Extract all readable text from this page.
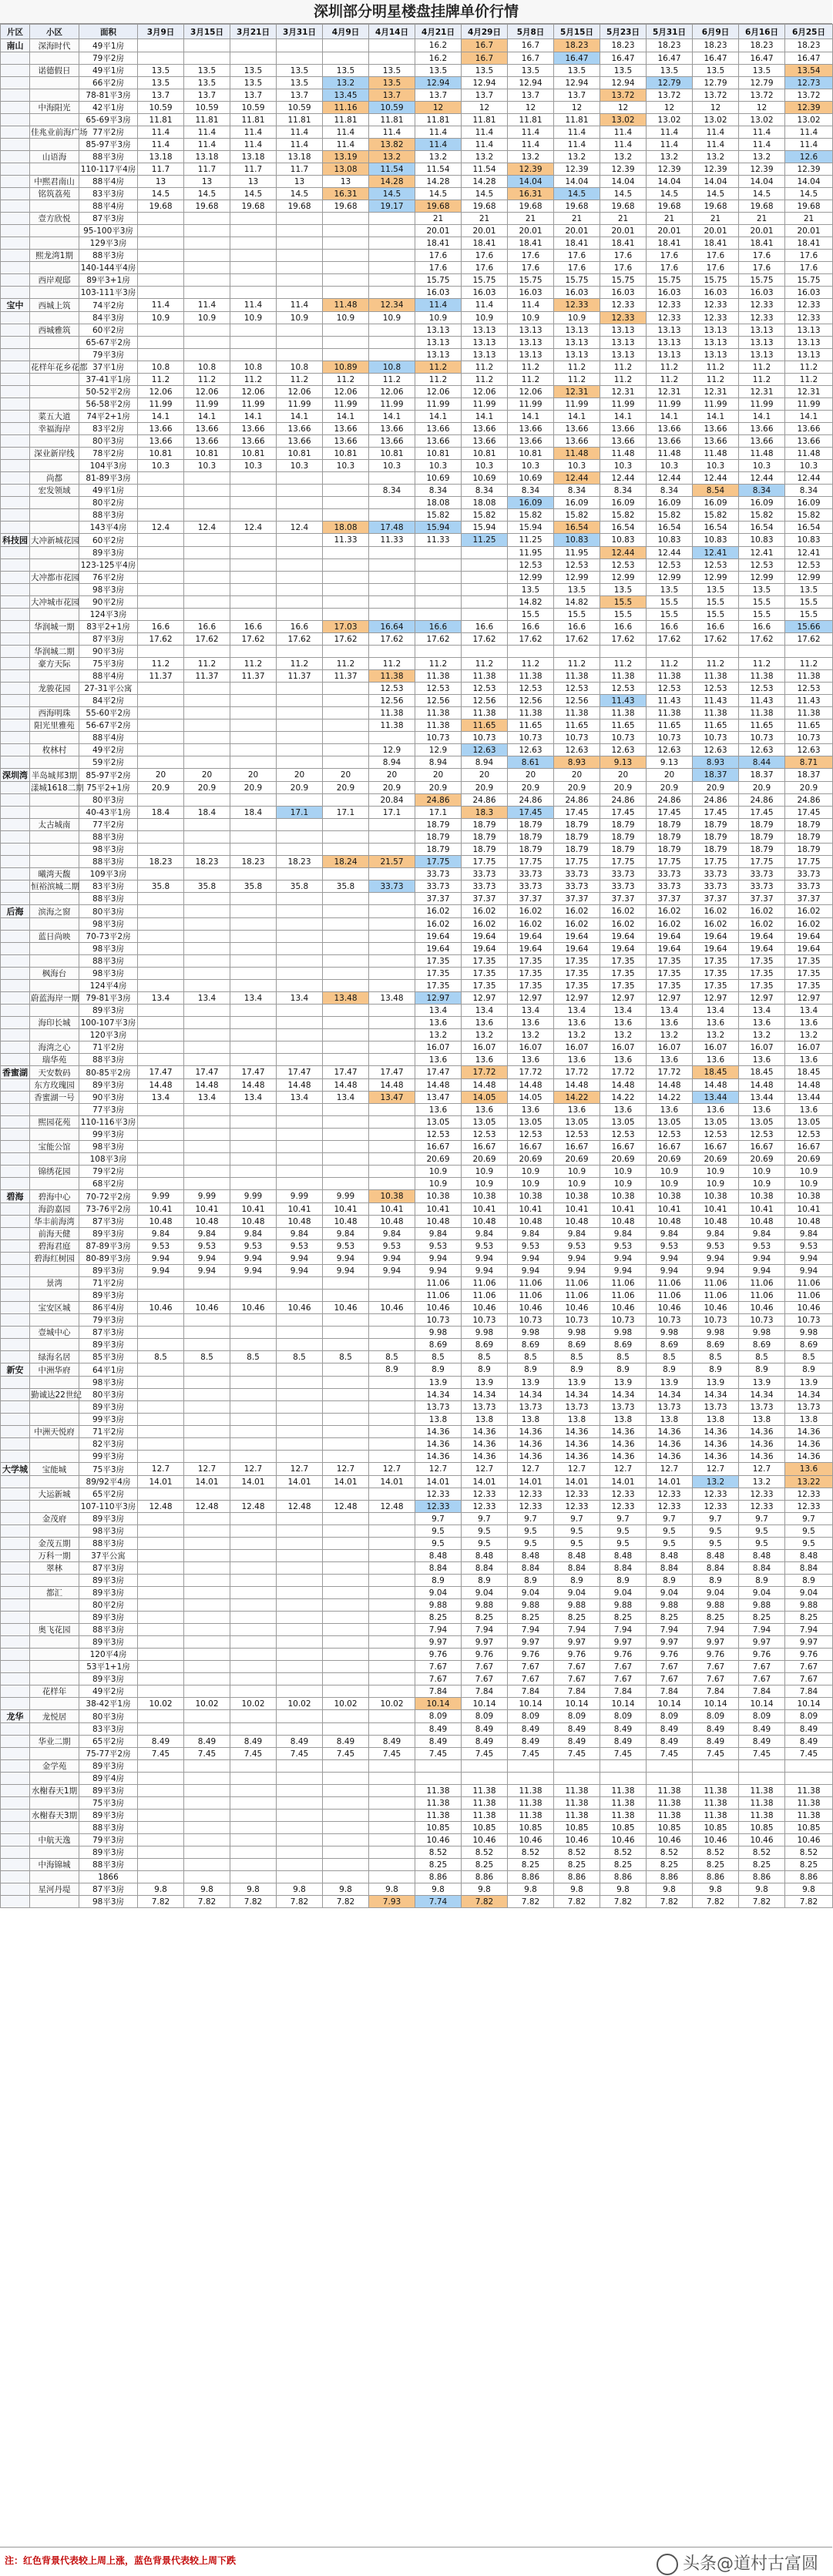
深圳部分明星楼盘挂牌单价行情
片区	小区	面积	3月9日	3月15日	3月21日	3月31日	4月9日	4月14日	4月21日	4月29日	5月8日	5月15日	5月23日	5月31日	6月9日	6月16日	6月25日
南山	深海时代	49平1房							16.2	16.7	16.7	18.23	18.23	18.23	18.23	18.23	18.23
		79平2房							16.2	16.7	16.7	16.47	16.47	16.47	16.47	16.47	16.47
	诺德假日	49平1房	13.5	13.5	13.5	13.5	13.5	13.5	13.5	13.5	13.5	13.5	13.5	13.5	13.5	13.5	13.54
		66平2房	13.5	13.5	13.5	13.5	13.2	13.5	12.94	12.94	12.94	12.94	12.94	12.79	12.79	12.79	12.73
		78-81平3房	13.7	13.7	13.7	13.7	13.45	13.7	13.7	13.7	13.7	13.7	13.72	13.72	13.72	13.72	13.72
	中海阳光	42平1房	10.59	10.59	10.59	10.59	11.16	10.59	12	12	12	12	12	12	12	12	12.39
		65-69平3房	11.81	11.81	11.81	11.81	11.81	11.81	11.81	11.81	11.81	11.81	13.02	13.02	13.02	13.02	13.02
	佳兆业前海广场	77平2房	11.4	11.4	11.4	11.4	11.4	11.4	11.4	11.4	11.4	11.4	11.4	11.4	11.4	11.4	11.4
		85-97平3房	11.4	11.4	11.4	11.4	11.4	13.82	11.4	11.4	11.4	11.4	11.4	11.4	11.4	11.4	11.4
	山语海	88平3房	13.18	13.18	13.18	13.18	13.19	13.2	13.2	13.2	13.2	13.2	13.2	13.2	13.2	13.2	12.6
		110-117平4房	11.7	11.7	11.7	11.7	13.08	11.54	11.54	11.54	12.39	12.39	12.39	12.39	12.39	12.39	12.39
	中熙君南山	88平4房	13	13	13	13	13	14.28	14.28	14.28	14.04	14.04	14.04	14.04	14.04	14.04	14.04
	铭筑荔苑	83平3房	14.5	14.5	14.5	14.5	16.31	14.5	14.5	14.5	16.31	14.5	14.5	14.5	14.5	14.5	14.5
		88平4房	19.68	19.68	19.68	19.68	19.68	19.17	19.68	19.68	19.68	19.68	19.68	19.68	19.68	19.68	19.68
	壹方欣悦	87平3房							21	21	21	21	21	21	21	21	21
		95-100平3房							20.01	20.01	20.01	20.01	20.01	20.01	20.01	20.01	20.01
		129平3房							18.41	18.41	18.41	18.41	18.41	18.41	18.41	18.41	18.41
	熙龙湾1期	88平3房							17.6	17.6	17.6	17.6	17.6	17.6	17.6	17.6	17.6
		140-144平4房							17.6	17.6	17.6	17.6	17.6	17.6	17.6	17.6	17.6
	西岸观邸	89平3+1房							15.75	15.75	15.75	15.75	15.75	15.75	15.75	15.75	15.75
		103-111平3房							16.03	16.03	16.03	16.03	16.03	16.03	16.03	16.03	16.03
宝中	西城上筑	74平2房	11.4	11.4	11.4	11.4	11.48	12.34	11.4	11.4	11.4	12.33	12.33	12.33	12.33	12.33	12.33
		84平3房	10.9	10.9	10.9	10.9	10.9	10.9	10.9	10.9	10.9	10.9	12.33	12.33	12.33	12.33	12.33
	西城雅筑	60平2房							13.13	13.13	13.13	13.13	13.13	13.13	13.13	13.13	13.13
		65-67平2房							13.13	13.13	13.13	13.13	13.13	13.13	13.13	13.13	13.13
		79平3房							13.13	13.13	13.13	13.13	13.13	13.13	13.13	13.13	13.13
	花样年花乡花都	37平1房	10.8	10.8	10.8	10.8	10.89	10.8	11.2	11.2	11.2	11.2	11.2	11.2	11.2	11.2	11.2
		37-41平1房	11.2	11.2	11.2	11.2	11.2	11.2	11.2	11.2	11.2	11.2	11.2	11.2	11.2	11.2	11.2
		50-52平2房	12.06	12.06	12.06	12.06	12.06	12.06	12.06	12.06	12.06	12.31	12.31	12.31	12.31	12.31	12.31
		56-58平2房	11.99	11.99	11.99	11.99	11.99	11.99	11.99	11.99	11.99	11.99	11.99	11.99	11.99	11.99	11.99
	菜五大道	74平2+1房	14.1	14.1	14.1	14.1	14.1	14.1	14.1	14.1	14.1	14.1	14.1	14.1	14.1	14.1	14.1
	幸福海岸	83平2房	13.66	13.66	13.66	13.66	13.66	13.66	13.66	13.66	13.66	13.66	13.66	13.66	13.66	13.66	13.66
		80平3房	13.66	13.66	13.66	13.66	13.66	13.66	13.66	13.66	13.66	13.66	13.66	13.66	13.66	13.66	13.66
	深业新岸线	78平2房	10.81	10.81	10.81	10.81	10.81	10.81	10.81	10.81	10.81	11.48	11.48	11.48	11.48	11.48	11.48
		104平3房	10.3	10.3	10.3	10.3	10.3	10.3	10.3	10.3	10.3	10.3	10.3	10.3	10.3	10.3	10.3
	尚都	81-89平3房							10.69	10.69	10.69	12.44	12.44	12.44	12.44	12.44	12.44
	宏发领域	49平1房						8.34	8.34	8.34	8.34	8.34	8.34	8.34	8.54	8.34	8.34
		80平2房							18.08	18.08	16.09	16.09	16.09	16.09	16.09	16.09	16.09
		88平3房							15.82	15.82	15.82	15.82	15.82	15.82	15.82	15.82	15.82
		143平4房	12.4	12.4	12.4	12.4	18.08	17.48	15.94	15.94	15.94	16.54	16.54	16.54	16.54	16.54	16.54
科技园	大冲新城花园	60平2房					11.33	11.33	11.33	11.25	11.25	10.83	10.83	10.83	10.83	10.83	10.83
		89平3房									11.95	11.95	12.44	12.44	12.41	12.41	12.41
		123-125平4房									12.53	12.53	12.53	12.53	12.53	12.53	12.53
	大冲都市花园	76平2房									12.99	12.99	12.99	12.99	12.99	12.99	12.99
		98平3房									13.5	13.5	13.5	13.5	13.5	13.5	13.5
	大冲城市花园	90平2房									14.82	14.82	15.5	15.5	15.5	15.5	15.5
		124平3房									15.5	15.5	15.5	15.5	15.5	15.5	15.5
	华润城一期	83平2+1房	16.6	16.6	16.6	16.6	17.03	16.64	16.6	16.6	16.6	16.6	16.6	16.6	16.6	16.6	15.66
		87平3房	17.62	17.62	17.62	17.62	17.62	17.62	17.62	17.62	17.62	17.62	17.62	17.62	17.62	17.62	17.62
	华润城二期	90平3房															
	豪方天际	75平3房	11.2	11.2	11.2	11.2	11.2	11.2	11.2	11.2	11.2	11.2	11.2	11.2	11.2	11.2	11.2
		88平4房	11.37	11.37	11.37	11.37	11.37	11.38	11.38	11.38	11.38	11.38	11.38	11.38	11.38	11.38	11.38
	龙骏花园	27-31平公寓						12.53	12.53	12.53	12.53	12.53	12.53	12.53	12.53	12.53	12.53
		84平2房						12.56	12.56	12.56	12.56	12.56	11.43	11.43	11.43	11.43	11.43
	西海明珠	55-60平2房						11.38	11.38	11.38	11.38	11.38	11.38	11.38	11.38	11.38	11.38
	阳光里雅苑	56-67平2房						11.38	11.38	11.65	11.65	11.65	11.65	11.65	11.65	11.65	11.65
		88平4房							10.73	10.73	10.73	10.73	10.73	10.73	10.73	10.73	10.73
	枚林村	49平2房						12.9	12.9	12.63	12.63	12.63	12.63	12.63	12.63	12.63	12.63
		59平2房						8.94	8.94	8.94	8.61	8.93	9.13	9.13	8.93	8.44	8.71
深圳湾	半岛城邦3期	85-97平2房	20	20	20	20	20	20	20	20	20	20	20	20	18.37	18.37	18.37
	漾城1618二期	75平2+1房	20.9	20.9	20.9	20.9	20.9	20.9	20.9	20.9	20.9	20.9	20.9	20.9	20.9	20.9	20.9
		80平3房						20.84	24.86	24.86	24.86	24.86	24.86	24.86	24.86	24.86	24.86
		40-43平1房	18.4	18.4	18.4	17.1	17.1	17.1	17.1	18.3	17.45	17.45	17.45	17.45	17.45	17.45	17.45
	太古城南	77平2房							18.79	18.79	18.79	18.79	18.79	18.79	18.79	18.79	18.79
		88平3房							18.79	18.79	18.79	18.79	18.79	18.79	18.79	18.79	18.79
		98平3房							18.79	18.79	18.79	18.79	18.79	18.79	18.79	18.79	18.79
		88平3房	18.23	18.23	18.23	18.23	18.24	21.57	17.75	17.75	17.75	17.75	17.75	17.75	17.75	17.75	17.75
	曦湾天馥	109平3房							33.73	33.73	33.73	33.73	33.73	33.73	33.73	33.73	33.73
	恒裕滨城二期	83平3房	35.8	35.8	35.8	35.8	35.8	33.73	33.73	33.73	33.73	33.73	33.73	33.73	33.73	33.73	33.73
		88平3房							37.37	37.37	37.37	37.37	37.37	37.37	37.37	37.37	37.37
后海	滨海之窗	80平3房							16.02	16.02	16.02	16.02	16.02	16.02	16.02	16.02	16.02
		98平3房							16.02	16.02	16.02	16.02	16.02	16.02	16.02	16.02	16.02
	蓝日尚映	70-73平2房							19.64	19.64	19.64	19.64	19.64	19.64	19.64	19.64	19.64
		98平3房							19.64	19.64	19.64	19.64	19.64	19.64	19.64	19.64	19.64
		88平3房							17.35	17.35	17.35	17.35	17.35	17.35	17.35	17.35	17.35
	枫海台	98平3房							17.35	17.35	17.35	17.35	17.35	17.35	17.35	17.35	17.35
		124平4房							17.35	17.35	17.35	17.35	17.35	17.35	17.35	17.35	17.35
	蔚蓝海岸一期	79-81平3房	13.4	13.4	13.4	13.4	13.48	13.48	12.97	12.97	12.97	12.97	12.97	12.97	12.97	12.97	12.97
		89平3房							13.4	13.4	13.4	13.4	13.4	13.4	13.4	13.4	13.4
	海印长城	100-107平3房							13.6	13.6	13.6	13.6	13.6	13.6	13.6	13.6	13.6
		120平3房							13.2	13.2	13.2	13.2	13.2	13.2	13.2	13.2	13.2
	海湾之心	71平2房							16.07	16.07	16.07	16.07	16.07	16.07	16.07	16.07	16.07
	瑞华苑	88平3房							13.6	13.6	13.6	13.6	13.6	13.6	13.6	13.6	13.6
香蜜湖	天安数码	80-85平2房	17.47	17.47	17.47	17.47	17.47	17.47	17.47	17.72	17.72	17.72	17.72	17.72	18.45	18.45	18.45
	东方玫瑰园	89平3房	14.48	14.48	14.48	14.48	14.48	14.48	14.48	14.48	14.48	14.48	14.48	14.48	14.48	14.48	14.48
	香蜜湖一号	90平3房	13.4	13.4	13.4	13.4	13.4	13.47	13.47	14.05	14.05	14.22	14.22	14.22	13.44	13.44	13.44
		77平3房							13.6	13.6	13.6	13.6	13.6	13.6	13.6	13.6	13.6
	熙园花苑	110-116平3房							13.05	13.05	13.05	13.05	13.05	13.05	13.05	13.05	13.05
		99平3房							12.53	12.53	12.53	12.53	12.53	12.53	12.53	12.53	12.53
	宝能公馆	98平3房							16.67	16.67	16.67	16.67	16.67	16.67	16.67	16.67	16.67
		108平3房							20.69	20.69	20.69	20.69	20.69	20.69	20.69	20.69	20.69
	锦绣花园	79平2房							10.9	10.9	10.9	10.9	10.9	10.9	10.9	10.9	10.9
		68平2房							10.9	10.9	10.9	10.9	10.9	10.9	10.9	10.9	10.9
碧海	碧海中心	70-72平2房	9.99	9.99	9.99	9.99	9.99	10.38	10.38	10.38	10.38	10.38	10.38	10.38	10.38	10.38	10.38
	海韵嘉园	73-76平2房	10.41	10.41	10.41	10.41	10.41	10.41	10.41	10.41	10.41	10.41	10.41	10.41	10.41	10.41	10.41
	华丰前海湾	87平3房	10.48	10.48	10.48	10.48	10.48	10.48	10.48	10.48	10.48	10.48	10.48	10.48	10.48	10.48	10.48
	前海天健	89平3房	9.84	9.84	9.84	9.84	9.84	9.84	9.84	9.84	9.84	9.84	9.84	9.84	9.84	9.84	9.84
	碧海君庭	87-89平3房	9.53	9.53	9.53	9.53	9.53	9.53	9.53	9.53	9.53	9.53	9.53	9.53	9.53	9.53	9.53
	碧海红树园	80-89平3房	9.94	9.94	9.94	9.94	9.94	9.94	9.94	9.94	9.94	9.94	9.94	9.94	9.94	9.94	9.94
		89平3房	9.94	9.94	9.94	9.94	9.94	9.94	9.94	9.94	9.94	9.94	9.94	9.94	9.94	9.94	9.94
	景湾	71平2房							11.06	11.06	11.06	11.06	11.06	11.06	11.06	11.06	11.06
		89平3房							11.06	11.06	11.06	11.06	11.06	11.06	11.06	11.06	11.06
	宝安区城	86平4房	10.46	10.46	10.46	10.46	10.46	10.46	10.46	10.46	10.46	10.46	10.46	10.46	10.46	10.46	10.46
		79平3房							10.73	10.73	10.73	10.73	10.73	10.73	10.73	10.73	10.73
	壹城中心	87平3房							9.98	9.98	9.98	9.98	9.98	9.98	9.98	9.98	9.98
		89平3房							8.69	8.69	8.69	8.69	8.69	8.69	8.69	8.69	8.69
	绿海名居	85平3房	8.5	8.5	8.5	8.5	8.5	8.5	8.5	8.5	8.5	8.5	8.5	8.5	8.5	8.5	8.5
新安	中洲华府	64平1房						8.9	8.9	8.9	8.9	8.9	8.9	8.9	8.9	8.9	8.9
		98平3房							13.9	13.9	13.9	13.9	13.9	13.9	13.9	13.9	13.9
	勤诚达22世纪	80平3房							14.34	14.34	14.34	14.34	14.34	14.34	14.34	14.34	14.34
		89平3房							13.73	13.73	13.73	13.73	13.73	13.73	13.73	13.73	13.73
		99平3房							13.8	13.8	13.8	13.8	13.8	13.8	13.8	13.8	13.8
	中洲天悦府	71平2房							14.36	14.36	14.36	14.36	14.36	14.36	14.36	14.36	14.36
		82平3房							14.36	14.36	14.36	14.36	14.36	14.36	14.36	14.36	14.36
		99平3房							14.36	14.36	14.36	14.36	14.36	14.36	14.36	14.36	14.36
大学城	宝能城	75平3房	12.7	12.7	12.7	12.7	12.7	12.7	12.7	12.7	12.7	12.7	12.7	12.7	12.7	12.7	13.6
		89/92平4房	14.01	14.01	14.01	14.01	14.01	14.01	14.01	14.01	14.01	14.01	14.01	14.01	13.2	13.2	13.22
	大运新城	65平2房							12.33	12.33	12.33	12.33	12.33	12.33	12.33	12.33	12.33
		107-110平3房	12.48	12.48	12.48	12.48	12.48	12.48	12.33	12.33	12.33	12.33	12.33	12.33	12.33	12.33	12.33
	金茂府	89平3房							9.7	9.7	9.7	9.7	9.7	9.7	9.7	9.7	9.7
		98平3房							9.5	9.5	9.5	9.5	9.5	9.5	9.5	9.5	9.5
	金茂五期	88平3房							9.5	9.5	9.5	9.5	9.5	9.5	9.5	9.5	9.5
	万科一期	37平公寓							8.48	8.48	8.48	8.48	8.48	8.48	8.48	8.48	8.48
	翠林	87平3房							8.84	8.84	8.84	8.84	8.84	8.84	8.84	8.84	8.84
		89平3房							8.9	8.9	8.9	8.9	8.9	8.9	8.9	8.9	8.9
	都汇	89平3房							9.04	9.04	9.04	9.04	9.04	9.04	9.04	9.04	9.04
		80平2房							9.88	9.88	9.88	9.88	9.88	9.88	9.88	9.88	9.88
		89平3房							8.25	8.25	8.25	8.25	8.25	8.25	8.25	8.25	8.25
	奥飞花园	88平3房							7.94	7.94	7.94	7.94	7.94	7.94	7.94	7.94	7.94
		89平3房							9.97	9.97	9.97	9.97	9.97	9.97	9.97	9.97	9.97
		120平4房							9.76	9.76	9.76	9.76	9.76	9.76	9.76	9.76	9.76
		53平1+1房							7.67	7.67	7.67	7.67	7.67	7.67	7.67	7.67	7.67
		89平3房							7.67	7.67	7.67	7.67	7.67	7.67	7.67	7.67	7.67
	花样年	49平2房							7.84	7.84	7.84	7.84	7.84	7.84	7.84	7.84	7.84
		38-42平1房	10.02	10.02	10.02	10.02	10.02	10.02	10.14	10.14	10.14	10.14	10.14	10.14	10.14	10.14	10.14
龙华	龙悦居	80平3房							8.09	8.09	8.09	8.09	8.09	8.09	8.09	8.09	8.09
		83平3房							8.49	8.49	8.49	8.49	8.49	8.49	8.49	8.49	8.49
	华业二期	65平2房	8.49	8.49	8.49	8.49	8.49	8.49	8.49	8.49	8.49	8.49	8.49	8.49	8.49	8.49	8.49
		75-77平2房	7.45	7.45	7.45	7.45	7.45	7.45	7.45	7.45	7.45	7.45	7.45	7.45	7.45	7.45	7.45
	金学苑	89平3房															
		89平4房															
	水榭春天1期	89平3房							11.38	11.38	11.38	11.38	11.38	11.38	11.38	11.38	11.38
		75平3房							11.38	11.38	11.38	11.38	11.38	11.38	11.38	11.38	11.38
	水榭春天3期	89平3房							11.38	11.38	11.38	11.38	11.38	11.38	11.38	11.38	11.38
		88平3房							10.85	10.85	10.85	10.85	10.85	10.85	10.85	10.85	10.85
	中航天逸	79平3房							10.46	10.46	10.46	10.46	10.46	10.46	10.46	10.46	10.46
		89平3房							8.52	8.52	8.52	8.52	8.52	8.52	8.52	8.52	8.52
	中海锦城	88平3房							8.25	8.25	8.25	8.25	8.25	8.25	8.25	8.25	8.25
		1866							8.86	8.86	8.86	8.86	8.86	8.86	8.86	8.86	8.86
	星河丹堤	87平3房	9.8	9.8	9.8	9.8	9.8	9.8	9.8	9.8	9.8	9.8	9.8	9.8	9.8	9.8	9.8
		98平3房	7.82	7.82	7.82	7.82	7.82	7.93	7.74	7.82	7.82	7.82	7.82	7.82	7.82	7.82	7.82
注：红色背景代表较上周上涨，蓝色背景代表较上周下跌	头条@道村古富圆
